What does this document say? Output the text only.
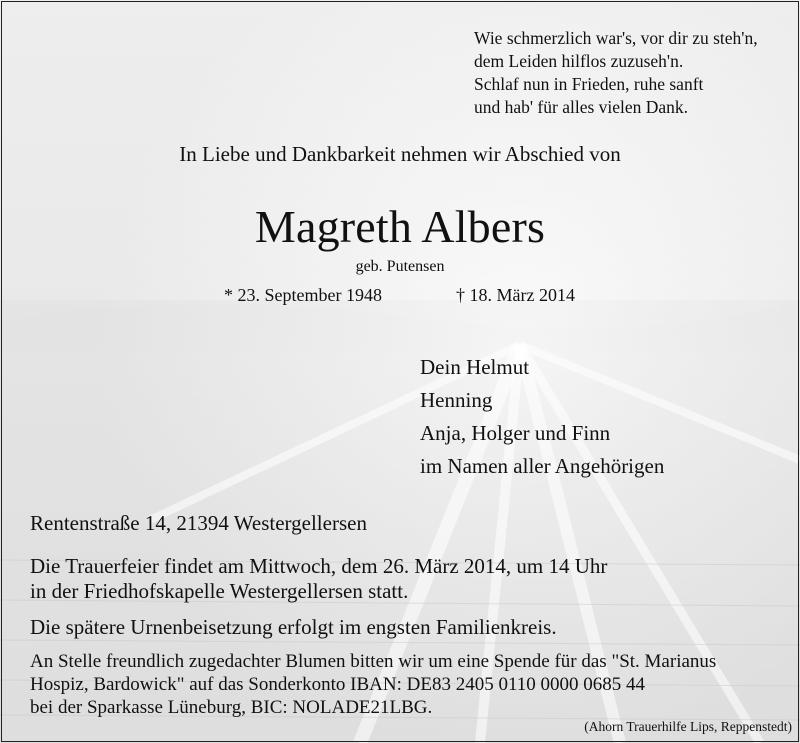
Wie schmerzlich war's, vor dir zu steh'n,
dem Leiden hilflos zuzuseh'n.
Schlaf nun in Frieden, ruhe sanft
und hab' für alles vielen Dank.
In Liebe und Dankbarkeit nehmen wir Abschied von
Magreth Albers
geb. Putensen
* 23. September 1948	† 18. März 2014
Dein Helmut
Henning
Anja, Holger und Finn
im Namen aller Angehörigen
Rentenstraße 14, 21394 Westergellersen
Die Trauerfeier findet am Mittwoch, dem 26. März 2014, um 14 Uhr
in der Friedhofskapelle Westergellersen statt.
Die spätere Urnenbeisetzung erfolgt im engsten Familienkreis.
An Stelle freundlich zugedachter Blumen bitten wir um eine Spende für das "St. Marianus
Hospiz, Bardowick" auf das Sonderkonto IBAN: DE83 2405 0110 0000 0685 44
bei der Sparkasse Lüneburg, BIC: NOLADE21LBG.
(Ahorn Trauerhilfe Lips, Reppenstedt)
